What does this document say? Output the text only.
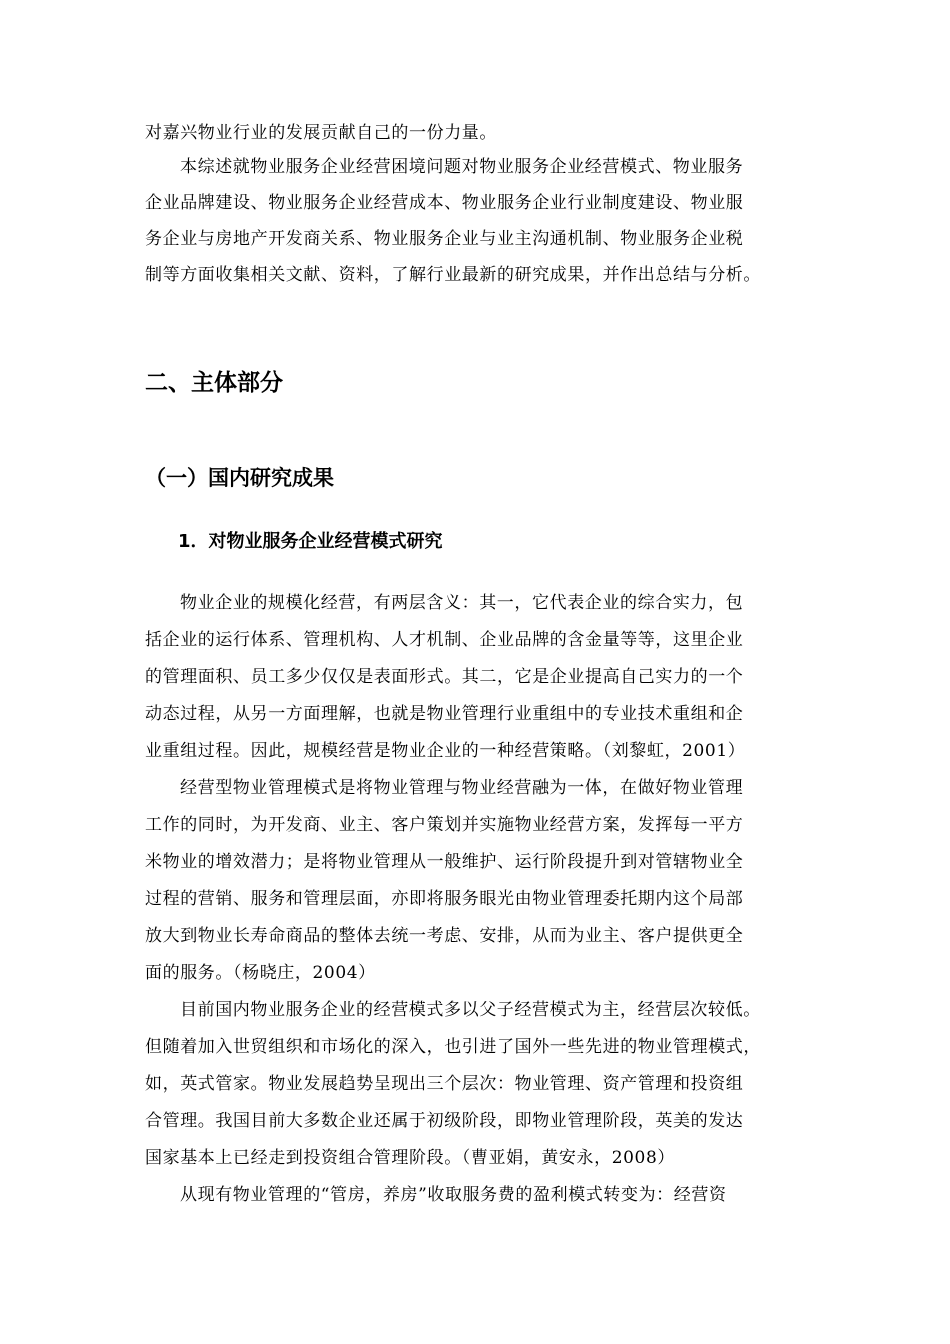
对嘉兴物业行业的发展贡献自己的一份力量。
本综述就物业服务企业经营困境问题对物业服务企业经营模式、物业服务
企业品牌建设、物业服务企业经营成本、物业服务企业行业制度建设、物业服
务企业与房地产开发商关系、物业服务企业与业主沟通机制、物业服务企业税
制等方面收集相关文献、资料，了解行业最新的研究成果，并作出总结与分析。
二、主体部分
（一）国内研究成果
1．对物业服务企业经营模式研究
物业企业的规模化经营，有两层含义：其一，它代表企业的综合实力，包
括企业的运行体系、管理机构、人才机制、企业品牌的含金量等等，这里企业
的管理面积、员工多少仅仅是表面形式。其二，它是企业提高自己实力的一个
动态过程，从另一方面理解，也就是物业管理行业重组中的专业技术重组和企
业重组过程。因此，规模经营是物业企业的一种经营策略。（刘黎虹，2001）
经营型物业管理模式是将物业管理与物业经营融为一体，在做好物业管理
工作的同时，为开发商、业主、客户策划并实施物业经营方案，发挥每一平方
米物业的增效潜力；是将物业管理从一般维护、运行阶段提升到对管辖物业全
过程的营销、服务和管理层面，亦即将服务眼光由物业管理委托期内这个局部
放大到物业长寿命商品的整体去统一考虑、安排，从而为业主、客户提供更全
面的服务。（杨晓庄，2004）
目前国内物业服务企业的经营模式多以父子经营模式为主，经营层次较低。
但随着加入世贸组织和市场化的深入，也引进了国外一些先进的物业管理模式，
如，英式管家。物业发展趋势呈现出三个层次：物业管理、资产管理和投资组
合管理。我国目前大多数企业还属于初级阶段，即物业管理阶段，英美的发达
国家基本上已经走到投资组合管理阶段。（曹亚娟，黄安永，2008）
从现有物业管理的“管房，养房”收取服务费的盈利模式转变为：经营资
